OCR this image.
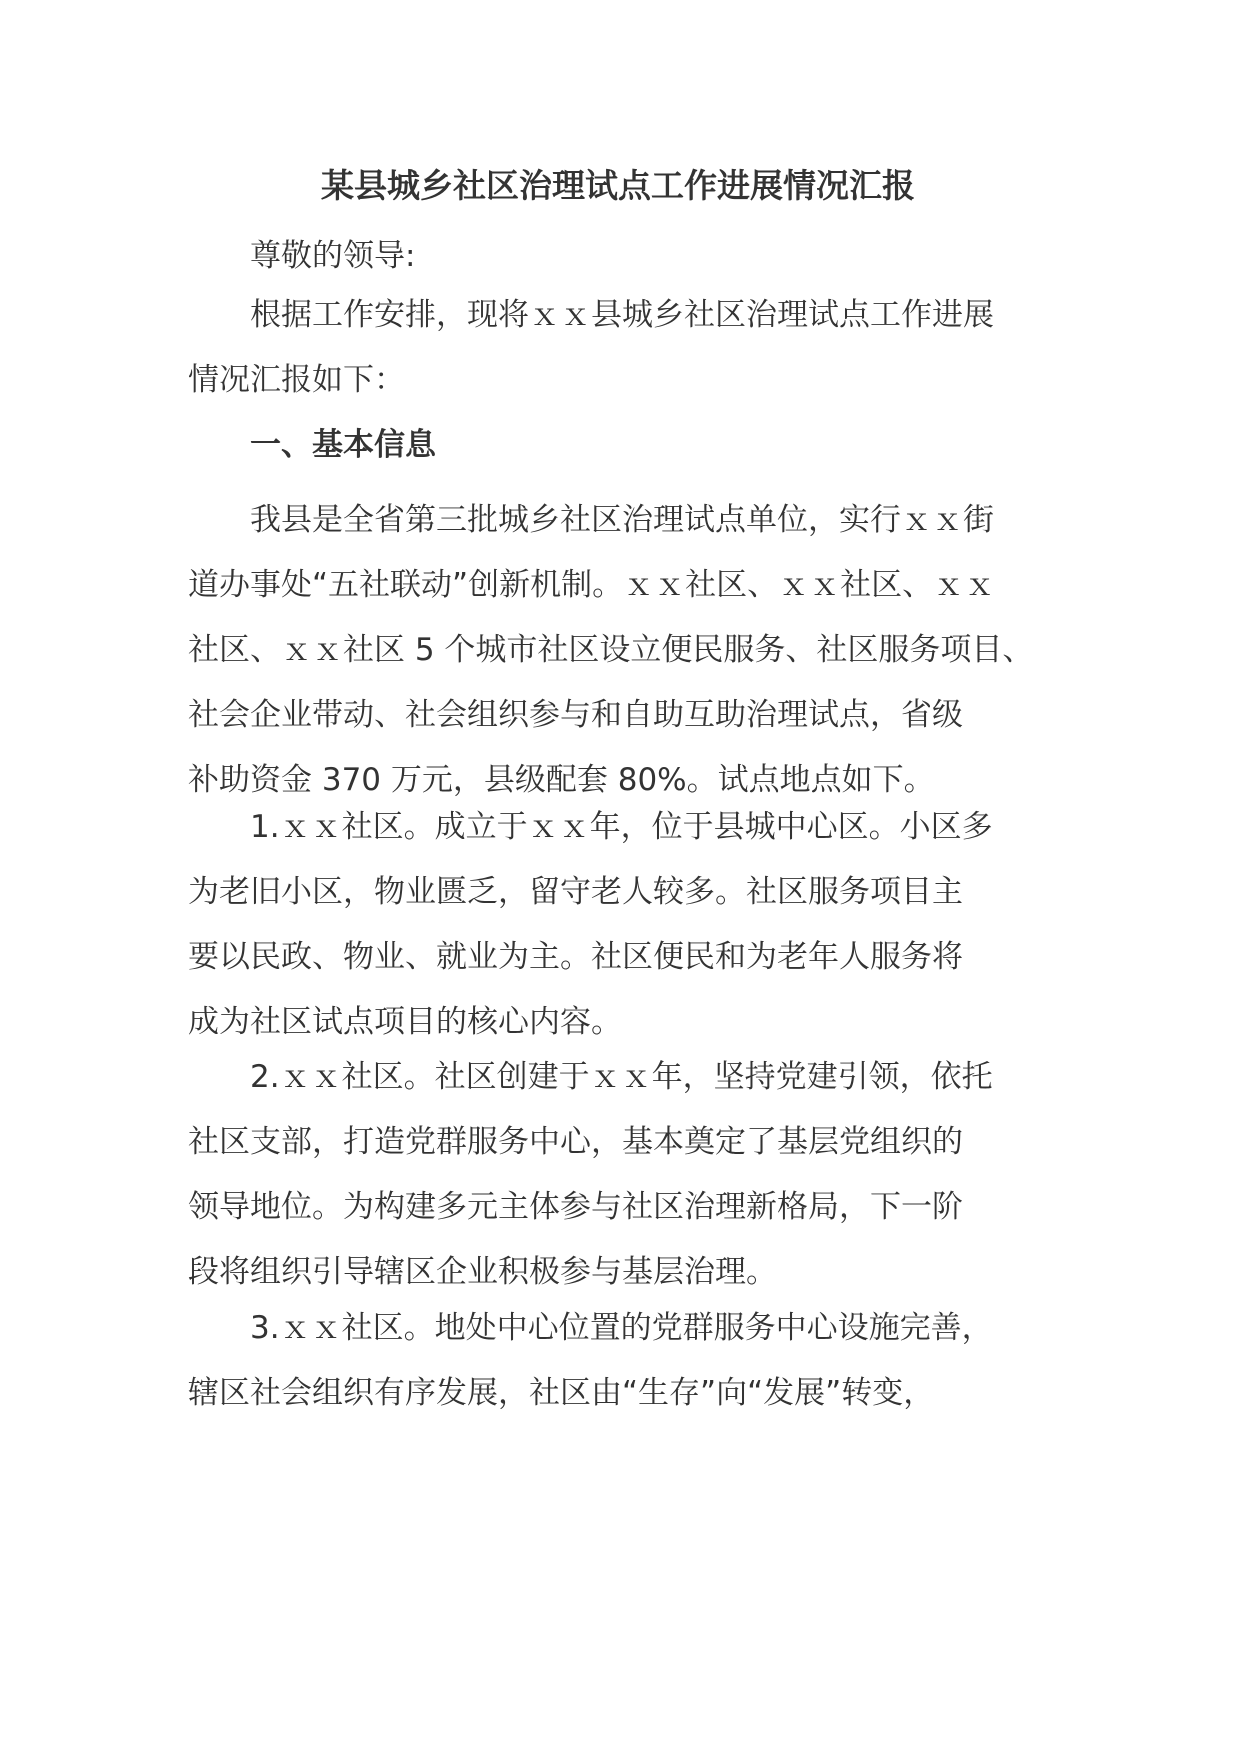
某县城乡社区治理试点工作进展情况汇报

尊敬的领导:

根据工作安排，现将ｘｘ县城乡社区治理试点工作进展
情况汇报如下：

一、基本信息

我县是全省第三批城乡社区治理试点单位，实行ｘｘ街
道办事处“五社联动”创新机制。ｘｘ社区、ｘｘ社区、ｘｘ
社区、ｘｘ社区 5 个城市社区设立便民服务、社区服务项目、
社会企业带动、社会组织参与和自助互助治理试点，省级
补助资金 370 万元，县级配套 80%。试点地点如下。

1.ｘｘ社区。成立于ｘｘ年，位于县城中心区。小区多
为老旧小区，物业匮乏，留守老人较多。社区服务项目主
要以民政、物业、就业为主。社区便民和为老年人服务将
成为社区试点项目的核心内容。

2.ｘｘ社区。社区创建于ｘｘ年，坚持党建引领，依托
社区支部，打造党群服务中心，基本奠定了基层党组织的
领导地位。为构建多元主体参与社区治理新格局，下一阶
段将组织引导辖区企业积极参与基层治理。

3.ｘｘ社区。地处中心位置的党群服务中心设施完善，
辖区社会组织有序发展，社区由“生存”向“发展”转变，
